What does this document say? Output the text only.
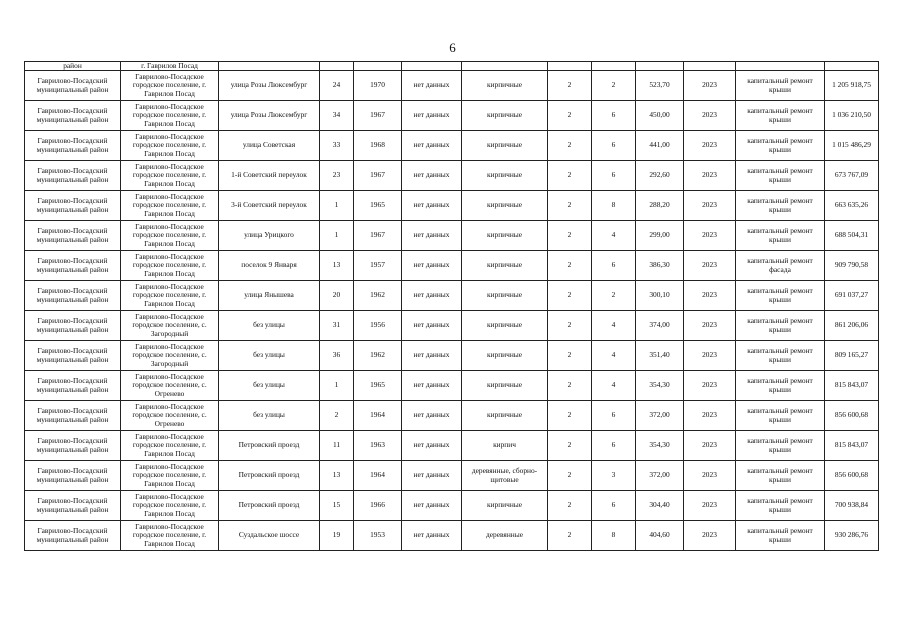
6
район	г. Гаврилов Посад											
Гаврилово-Посадский муниципальный район	Гаврилово-Посадское городское поселение, г. Гаврилов Посад	улица Розы Люксембург	24	1970	нет данных	кирпичные	2	2	523,70	2023	капитальный ремонт крыши	1 205 918,75
Гаврилово-Посадский муниципальный район	Гаврилово-Посадское городское поселение, г. Гаврилов Посад	улица Розы Люксембург	34	1967	нет данных	кирпичные	2	6	450,00	2023	капитальный ремонт крыши	1 036 210,50
Гаврилово-Посадский муниципальный район	Гаврилово-Посадское городское поселение, г. Гаврилов Посад	улица Советская	33	1968	нет данных	кирпичные	2	6	441,00	2023	капитальный ремонт крыши	1 015 486,29
Гаврилово-Посадский муниципальный район	Гаврилово-Посадское городское поселение, г. Гаврилов Посад	1-й Советский переулок	23	1967	нет данных	кирпичные	2	6	292,60	2023	капитальный ремонт крыши	673 767,09
Гаврилово-Посадский муниципальный район	Гаврилово-Посадское городское поселение, г. Гаврилов Посад	3-й Советский переулок	1	1965	нет данных	кирпичные	2	8	288,20	2023	капитальный ремонт крыши	663 635,26
Гаврилово-Посадский муниципальный район	Гаврилово-Посадское городское поселение, г. Гаврилов Посад	улица Урицкого	1	1967	нет данных	кирпичные	2	4	299,00	2023	капитальный ремонт крыши	688 504,31
Гаврилово-Посадский муниципальный район	Гаврилово-Посадское городское поселение, г. Гаврилов Посад	поселок 9 Января	13	1957	нет данных	кирпичные	2	6	386,30	2023	капитальный ремонт фасада	909 790,58
Гаврилово-Посадский муниципальный район	Гаврилово-Посадское городское поселение, г. Гаврилов Посад	улица Янышева	20	1962	нет данных	кирпичные	2	2	300,10	2023	капитальный ремонт крыши	691 037,27
Гаврилово-Посадский муниципальный район	Гаврилово-Посадское городское поселение, с. Загородный	без улицы	31	1956	нет данных	кирпичные	2	4	374,00	2023	капитальный ремонт крыши	861 206,06
Гаврилово-Посадский муниципальный район	Гаврилово-Посадское городское поселение, с. Загородный	без улицы	36	1962	нет данных	кирпичные	2	4	351,40	2023	капитальный ремонт крыши	809 165,27
Гаврилово-Посадский муниципальный район	Гаврилово-Посадское городское поселение, с. Огренево	без улицы	1	1965	нет данных	кирпичные	2	4	354,30	2023	капитальный ремонт крыши	815 843,07
Гаврилово-Посадский муниципальный район	Гаврилово-Посадское городское поселение, с. Огренево	без улицы	2	1964	нет данных	кирпичные	2	6	372,00	2023	капитальный ремонт крыши	856 600,68
Гаврилово-Посадский муниципальный район	Гаврилово-Посадское городское поселение, г. Гаврилов Посад	Петровский проезд	11	1963	нет данных	кирпич	2	6	354,30	2023	капитальный ремонт крыши	815 843,07
Гаврилово-Посадский муниципальный район	Гаврилово-Посадское городское поселение, г. Гаврилов Посад	Петровский проезд	13	1964	нет данных	деревянные, сборно-щитовые	2	3	372,00	2023	капитальный ремонт крыши	856 600,68
Гаврилово-Посадский муниципальный район	Гаврилово-Посадское городское поселение, г. Гаврилов Посад	Петровский проезд	15	1966	нет данных	кирпичные	2	6	304,40	2023	капитальный ремонт крыши	700 938,84
Гаврилово-Посадский муниципальный район	Гаврилово-Посадское городское поселение, г. Гаврилов Посад	Суздальское шоссе	19	1953	нет данных	деревянные	2	8	404,60	2023	капитальный ремонт крыши	930 286,76
